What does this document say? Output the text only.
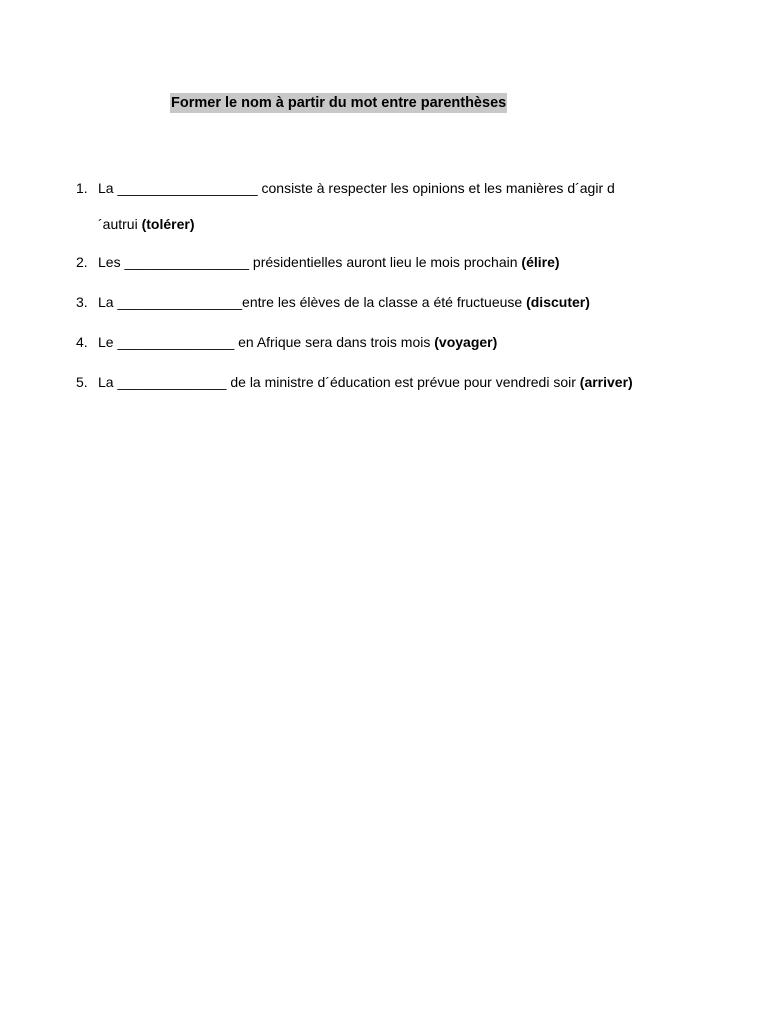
Former le nom à partir du mot entre parenthèses
1. La __________________ consiste à respecter les opinions et les manières d´agir d
´autrui (tolérer)
2. Les ________________ présidentielles auront lieu le mois prochain (élire)
3. La ________________entre les élèves de la classe a été fructueuse (discuter)
4. Le _______________ en Afrique sera dans trois mois (voyager)
5. La ______________ de la ministre d´éducation est prévue pour vendredi soir (arriver)
